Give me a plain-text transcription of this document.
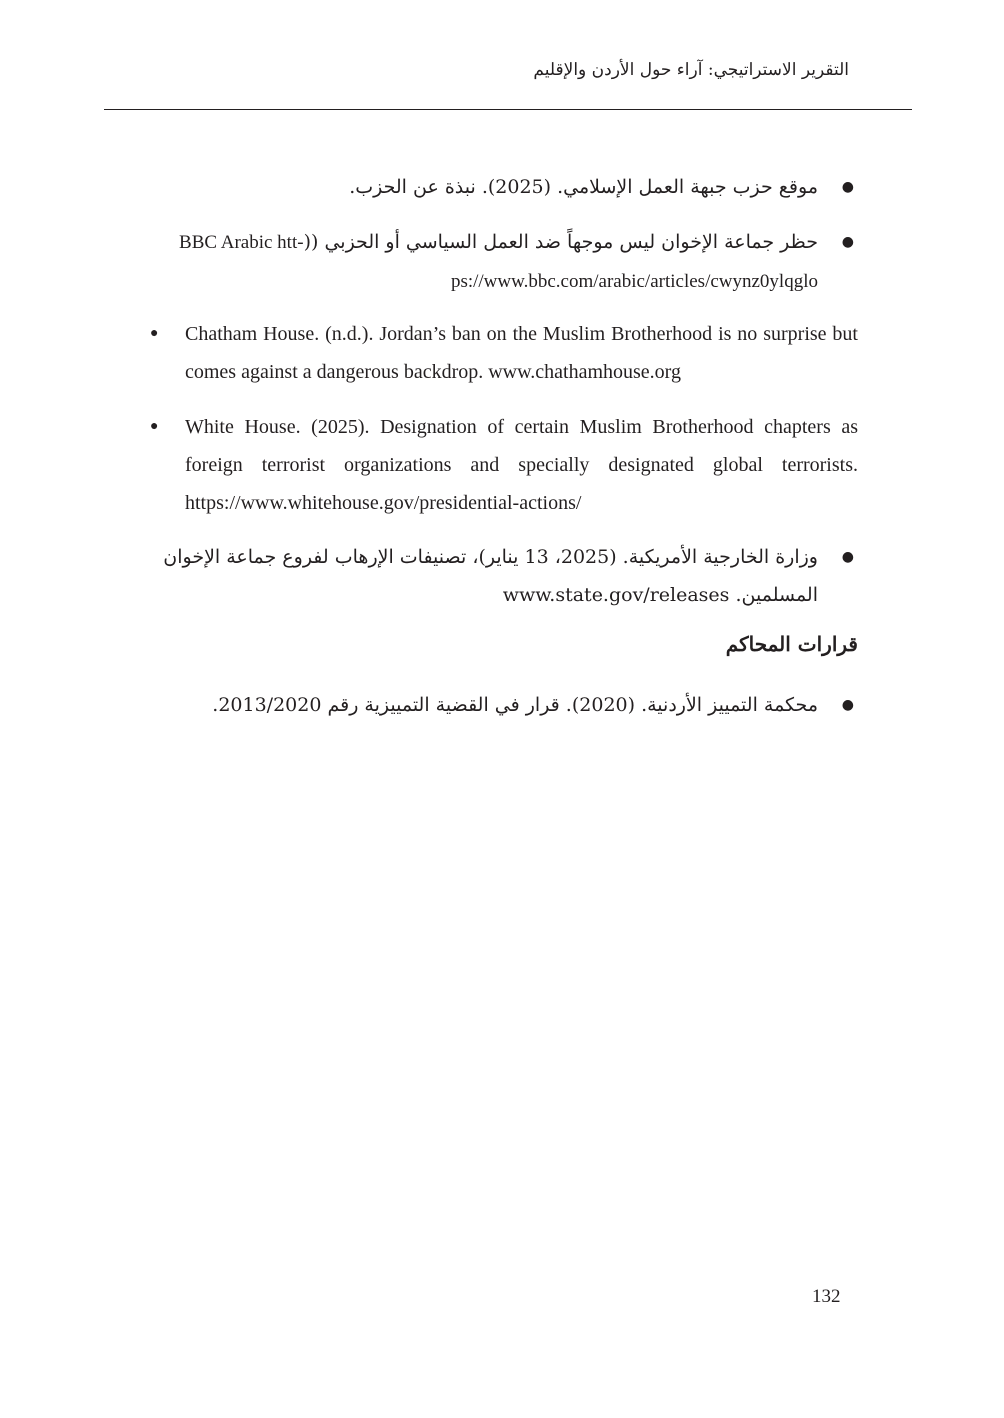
التقرير الاستراتيجي: آراء حول الأردن والإقليم
●
موقع حزب جبهة العمل الإسلامي. (2025). نبذة عن الحزب.
●
حظر جماعة الإخوان ليس موجهاً ضد العمل السياسي أو الحزبي ((BBC Arabic htt-
ps://www.bbc.com/arabic/articles/cwynz0ylqglo
● Chatham House. (n.d.). Jordan’s ban on the Muslim Brotherhood is no surprise but comes against a dangerous backdrop. www.chathamhouse.org
● White House. (2025). Designation of certain Muslim Brotherhood chapters as foreign terrorist organizations and specially designated global terrorists. https://www.whitehouse.gov/presidential-actions/
●
وزارة الخارجية الأمريكية. (2025، 13 يناير)، تصنيفات الإرهاب لفروع جماعة الإخوان المسلمين. www.state.gov/releases
قرارات المحاكم
●
محكمة التمييز الأردنية. (2020). قرار في القضية التمييزية رقم 2013/2020.
132
